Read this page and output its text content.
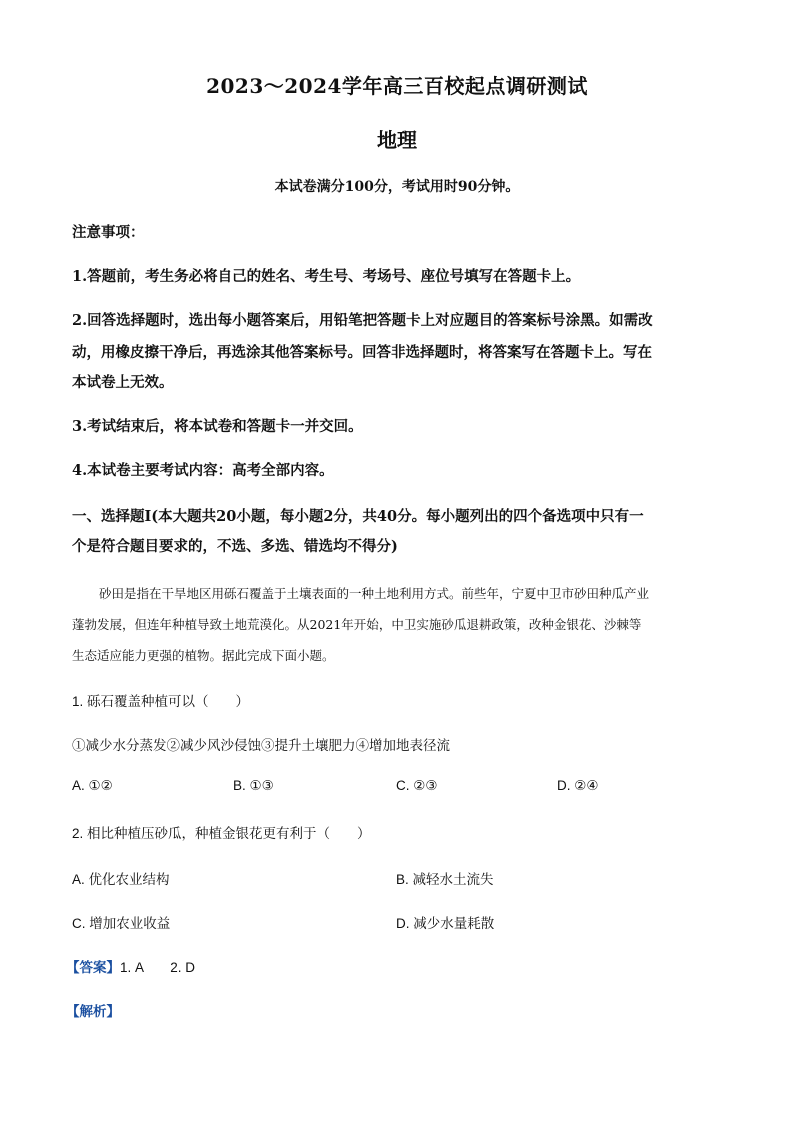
2023～2024学年高三百校起点调研测试
地理
本试卷满分100分，考试用时90分钟。
注意事项：
1.答题前，考生务必将自己的姓名、考生号、考场号、座位号填写在答题卡上。
2.回答选择题时，选出每小题答案后，用铅笔把答题卡上对应题目的答案标号涂黑。如需改
动，用橡皮擦干净后，再选涂其他答案标号。回答非选择题时，将答案写在答题卡上。写在
本试卷上无效。
3.考试结束后，将本试卷和答题卡一并交回。
4.本试卷主要考试内容：高考全部内容。
一、选择题Ⅰ(本大题共20小题，每小题2分，共40分。每小题列出的四个备选项中只有一
个是符合题目要求的，不选、多选、错选均不得分)
砂田是指在干旱地区用砾石覆盖于土壤表面的一种土地利用方式。前些年，宁夏中卫市砂田种瓜产业
蓬勃发展，但连年种植导致土地荒漠化。从2021年开始，中卫实施砂瓜退耕政策，改种金银花、沙棘等
生态适应能力更强的植物。据此完成下面小题。
1. 砾石覆盖种植可以（　　）
①减少水分蒸发②减少风沙侵蚀③提升土壤肥力④增加地表径流
A. ①②	B. ①③	C. ②③	D. ②④
2. 相比种植压砂瓜，种植金银花更有利于（　　）
A. 优化农业结构	B. 减轻水土流失
C. 增加农业收益	D. 减少水量耗散
【答案】1. A　　2. D
【解析】
